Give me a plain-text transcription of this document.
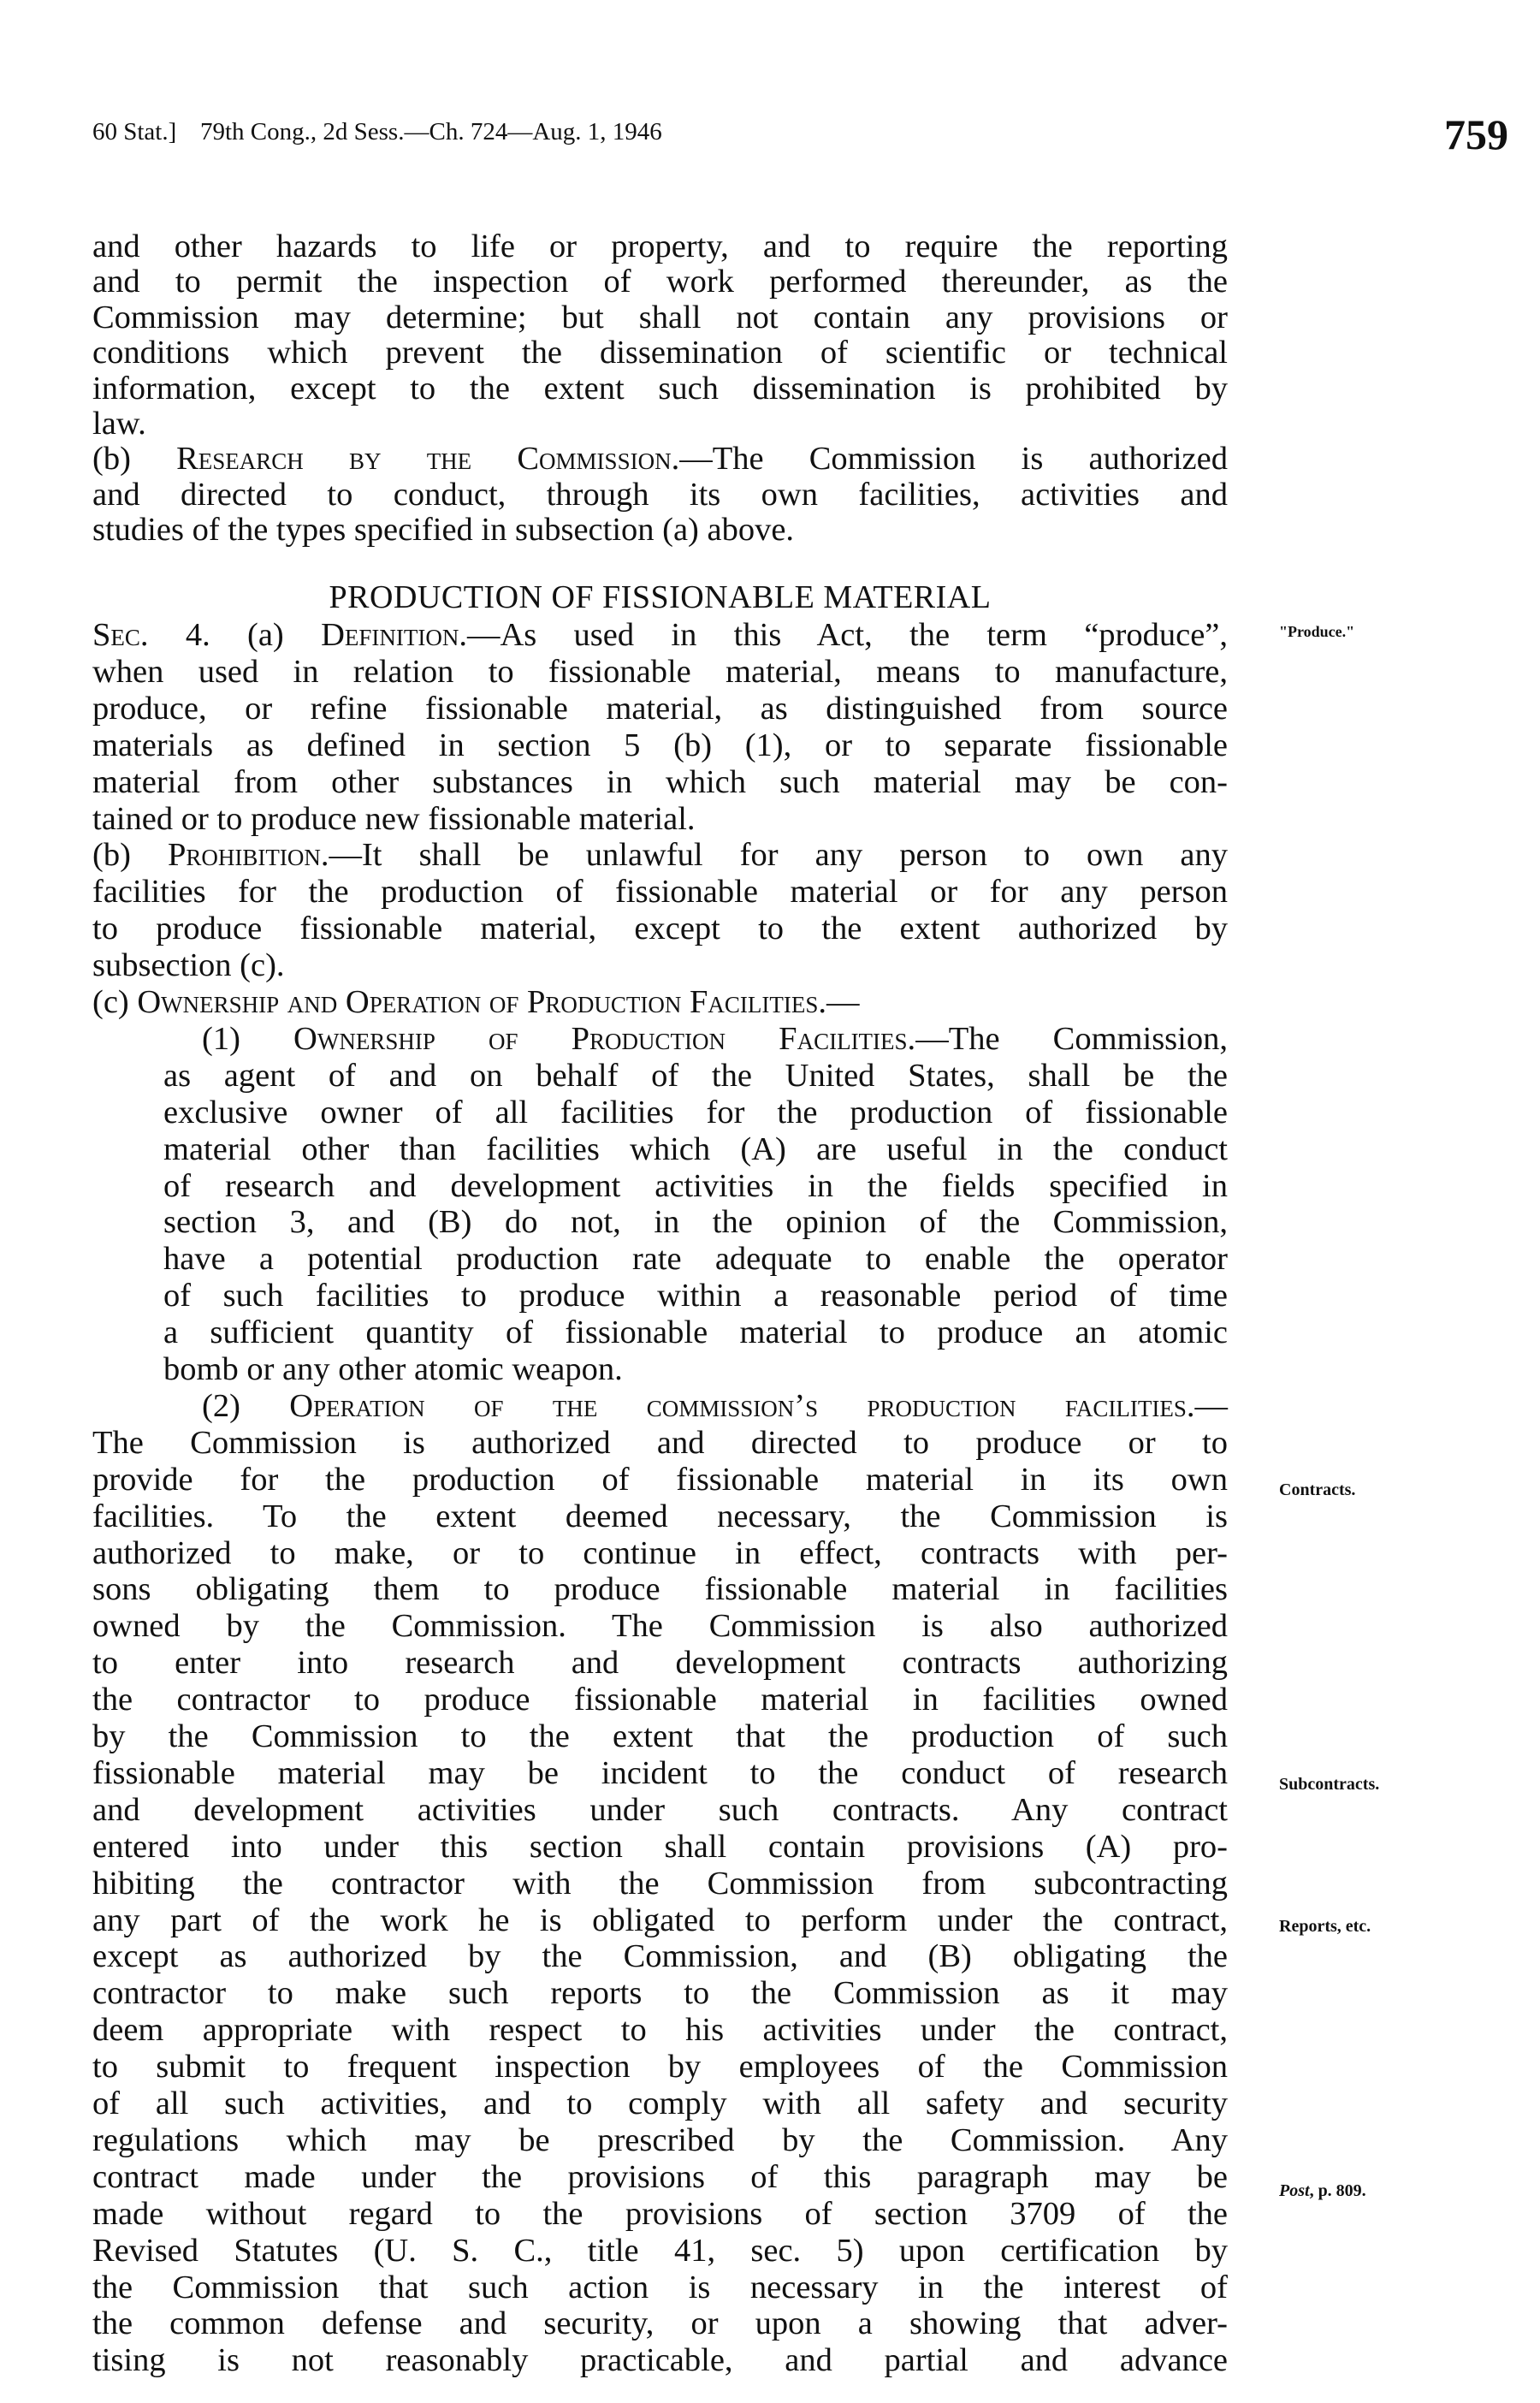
60 Stat.] 79th Cong., 2d Sess.—Ch. 724—Aug. 1, 1946	759
and other hazards to life or property, and to require the reporting
and to permit the inspection of work performed thereunder, as the
Commission may determine; but shall not contain any provisions or
conditions which prevent the dissemination of scientific or technical
information, except to the extent such dissemination is prohibited by
law.
(b) Research by the Commission.—The Commission is authorized
and directed to conduct, through its own facilities, activities and
studies of the types specified in subsection (a) above.
PRODUCTION OF FISSIONABLE MATERIAL
Sec. 4. (a) Definition.—As used in this Act, the term “produce”,
when used in relation to fissionable material, means to manufacture,
produce, or refine fissionable material, as distinguished from source
materials as defined in section 5 (b) (1), or to separate fissionable
material from other substances in which such material may be con-
tained or to produce new fissionable material.
(b) Prohibition.—It shall be unlawful for any person to own any
facilities for the production of fissionable material or for any person
to produce fissionable material, except to the extent authorized by
subsection (c).
(c) Ownership and Operation of Production Facilities.—
(1) Ownership of Production Facilities.—The Commission,
as agent of and on behalf of the United States, shall be the
exclusive owner of all facilities for the production of fissionable
material other than facilities which (A) are useful in the conduct
of research and development activities in the fields specified in
section 3, and (B) do not, in the opinion of the Commission,
have a potential production rate adequate to enable the operator
of such facilities to produce within a reasonable period of time
a sufficient quantity of fissionable material to produce an atomic
bomb or any other atomic weapon.
(2) Operation of the commission’s production facilities.—
The Commission is authorized and directed to produce or to
provide for the production of fissionable material in its own
facilities. To the extent deemed necessary, the Commission is
authorized to make, or to continue in effect, contracts with per-
sons obligating them to produce fissionable material in facilities
owned by the Commission. The Commission is also authorized
to enter into research and development contracts authorizing
the contractor to produce fissionable material in facilities owned
by the Commission to the extent that the production of such
fissionable material may be incident to the conduct of research
and development activities under such contracts. Any contract
entered into under this section shall contain provisions (A) pro-
hibiting the contractor with the Commission from subcontracting
any part of the work he is obligated to perform under the contract,
except as authorized by the Commission, and (B) obligating the
contractor to make such reports to the Commission as it may
deem appropriate with respect to his activities under the contract,
to submit to frequent inspection by employees of the Commission
of all such activities, and to comply with all safety and security
regulations which may be prescribed by the Commission. Any
contract made under the provisions of this paragraph may be
made without regard to the provisions of section 3709 of the
Revised Statutes (U. S. C., title 41, sec. 5) upon certification by
the Commission that such action is necessary in the interest of
the common defense and security, or upon a showing that adver-
tising is not reasonably practicable, and partial and advance
"Produce."
Contracts.
Subcontracts.
Reports, etc.
Post, p. 809.
